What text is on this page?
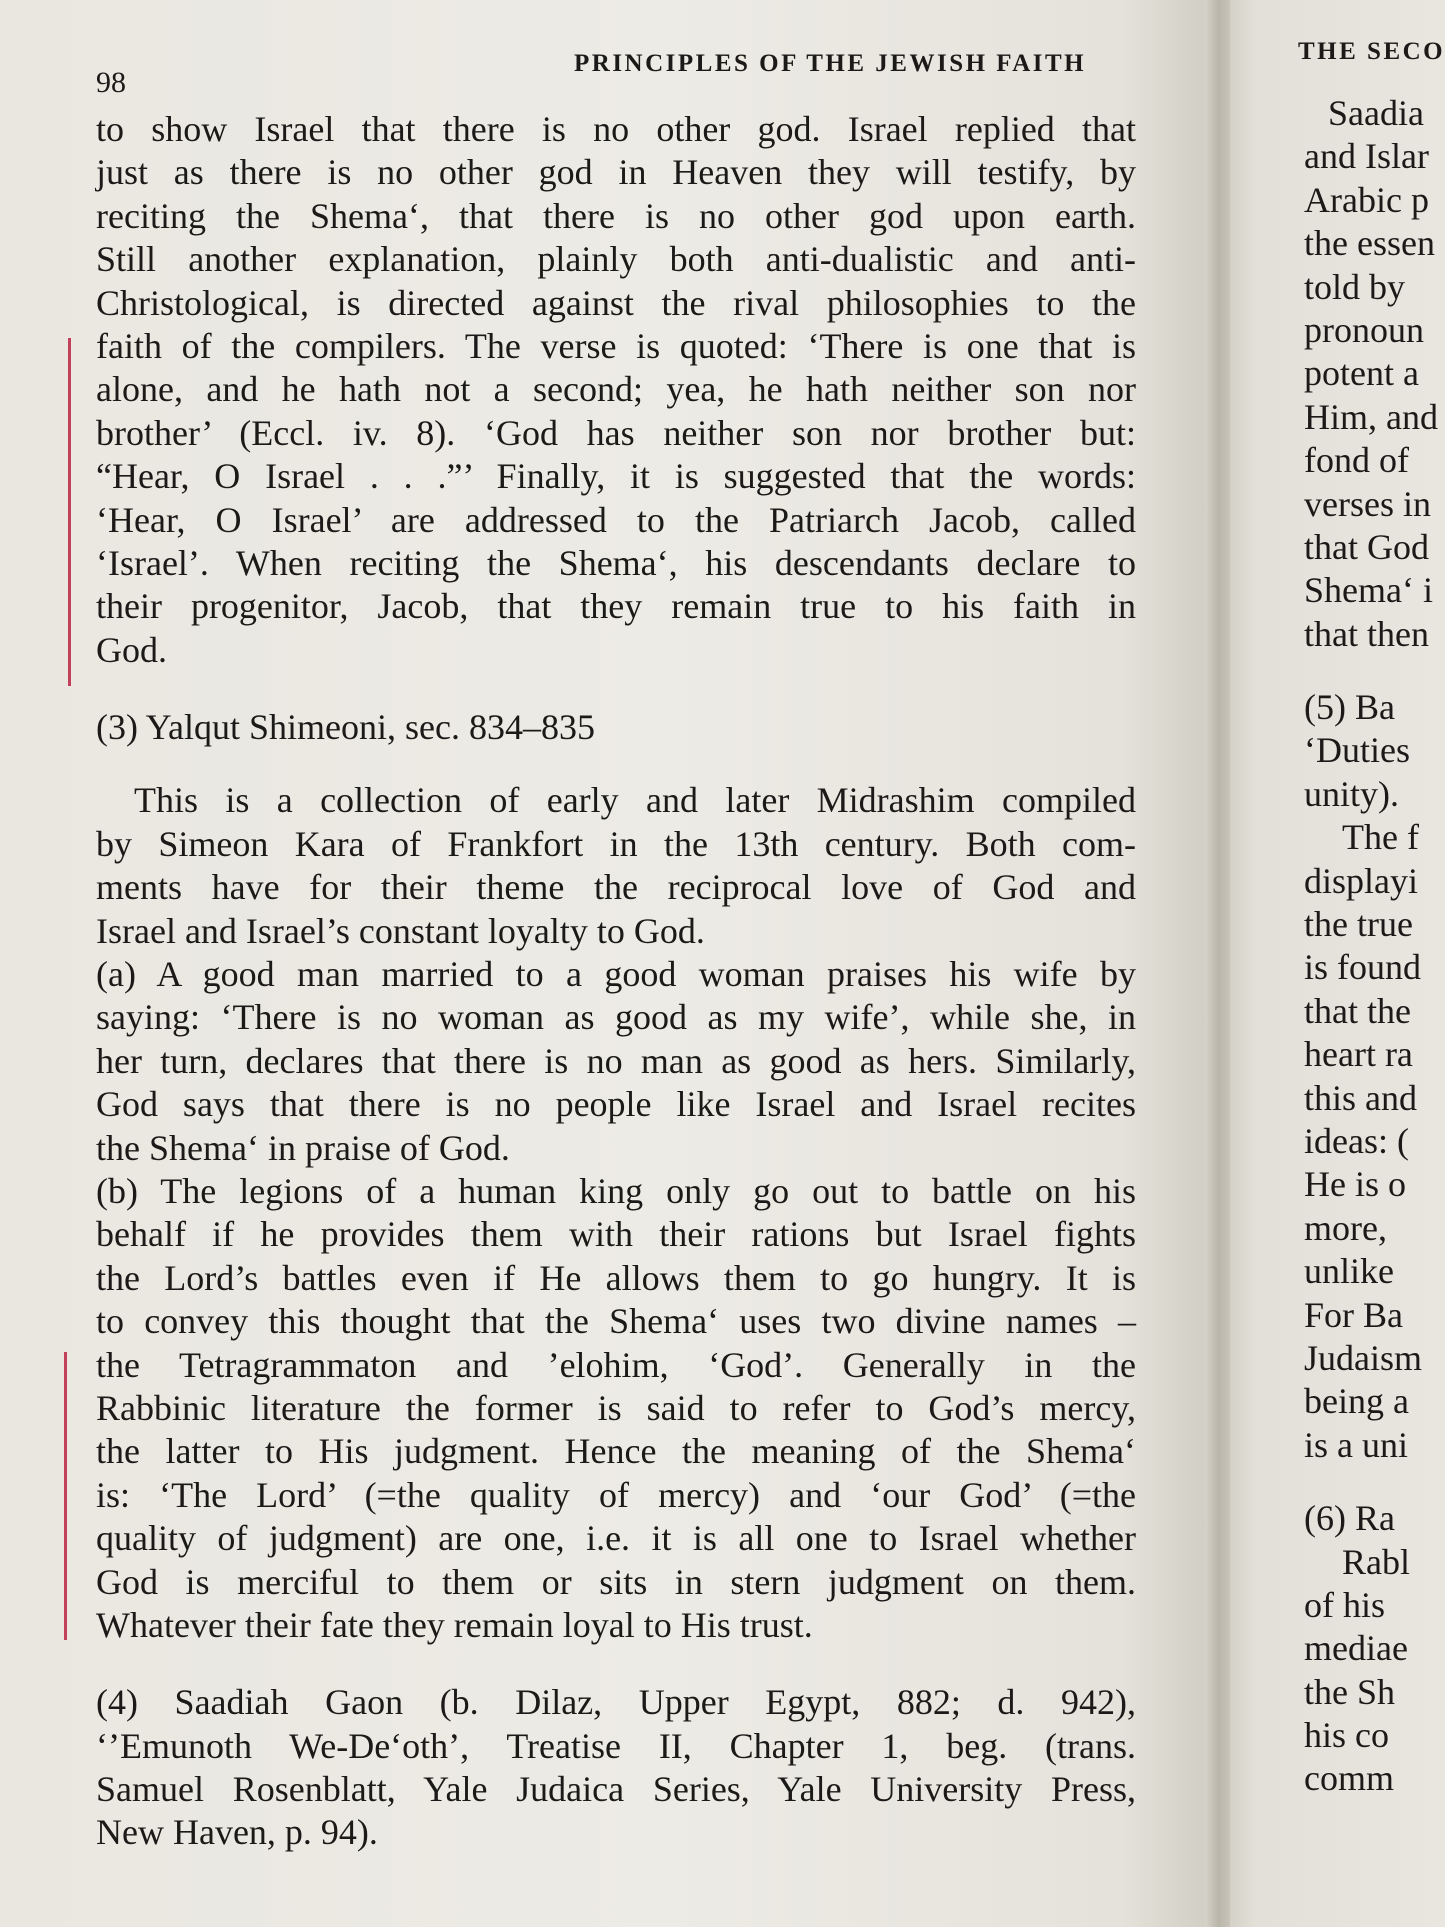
98
PRINCIPLES OF THE JEWISH FAITH
to show Israel that there is no other god. Israel replied that
just as there is no other god in Heaven they will testify, by
reciting the Shema‘, that there is no other god upon earth.
Still another explanation, plainly both anti-dualistic and anti-
Christological, is directed against the rival philosophies to the
faith of the compilers. The verse is quoted: ‘There is one that is
alone, and he hath not a second; yea, he hath neither son nor
brother’ (Eccl. iv. 8). ‘God has neither son nor brother but:
“Hear, O Israel . . .”’ Finally, it is suggested that the words:
‘Hear, O Israel’ are addressed to the Patriarch Jacob, called
‘Israel’. When reciting the Shema‘, his descendants declare to
their progenitor, Jacob, that they remain true to his faith in
God.
(3) Yalqut Shimeoni, sec. 834–835
This is a collection of early and later Midrashim compiled
by Simeon Kara of Frankfort in the 13th century. Both com-
ments have for their theme the reciprocal love of God and
Israel and Israel’s constant loyalty to God.
(a) A good man married to a good woman praises his wife by
saying: ‘There is no woman as good as my wife’, while she, in
her turn, declares that there is no man as good as hers. Similarly,
God says that there is no people like Israel and Israel recites
the Shema‘ in praise of God.
(b) The legions of a human king only go out to battle on his
behalf if he provides them with their rations but Israel fights
the Lord’s battles even if He allows them to go hungry. It is
to convey this thought that the Shema‘ uses two divine names –
the Tetragrammaton and ’elohim, ‘God’. Generally in the
Rabbinic literature the former is said to refer to God’s mercy,
the latter to His judgment. Hence the meaning of the Shema‘
is: ‘The Lord’ (=the quality of mercy) and ‘our God’ (=the
quality of judgment) are one, i.e. it is all one to Israel whether
God is merciful to them or sits in stern judgment on them.
Whatever their fate they remain loyal to His trust.
(4) Saadiah Gaon (b. Dilaz, Upper Egypt, 882; d. 942),
‘’Emunoth We-De‘oth’, Treatise II, Chapter 1, beg. (trans.
Samuel Rosenblatt, Yale Judaica Series, Yale University Press,
New Haven, p. 94).
THE SECO
Saadia
and Islar
Arabic p
the essen
told by
pronoun
potent a
Him, and
fond of
verses in
that God
Shema‘ i
that then
(5) Ba
‘Duties
unity).
The f
displayi
the true
is found
that the
heart ra
this and
ideas: (
He is o
more,
unlike
For Ba
Judaism
being a
is a uni
(6) Ra
Rabl
of his
mediae
the Sh
his co
comm
